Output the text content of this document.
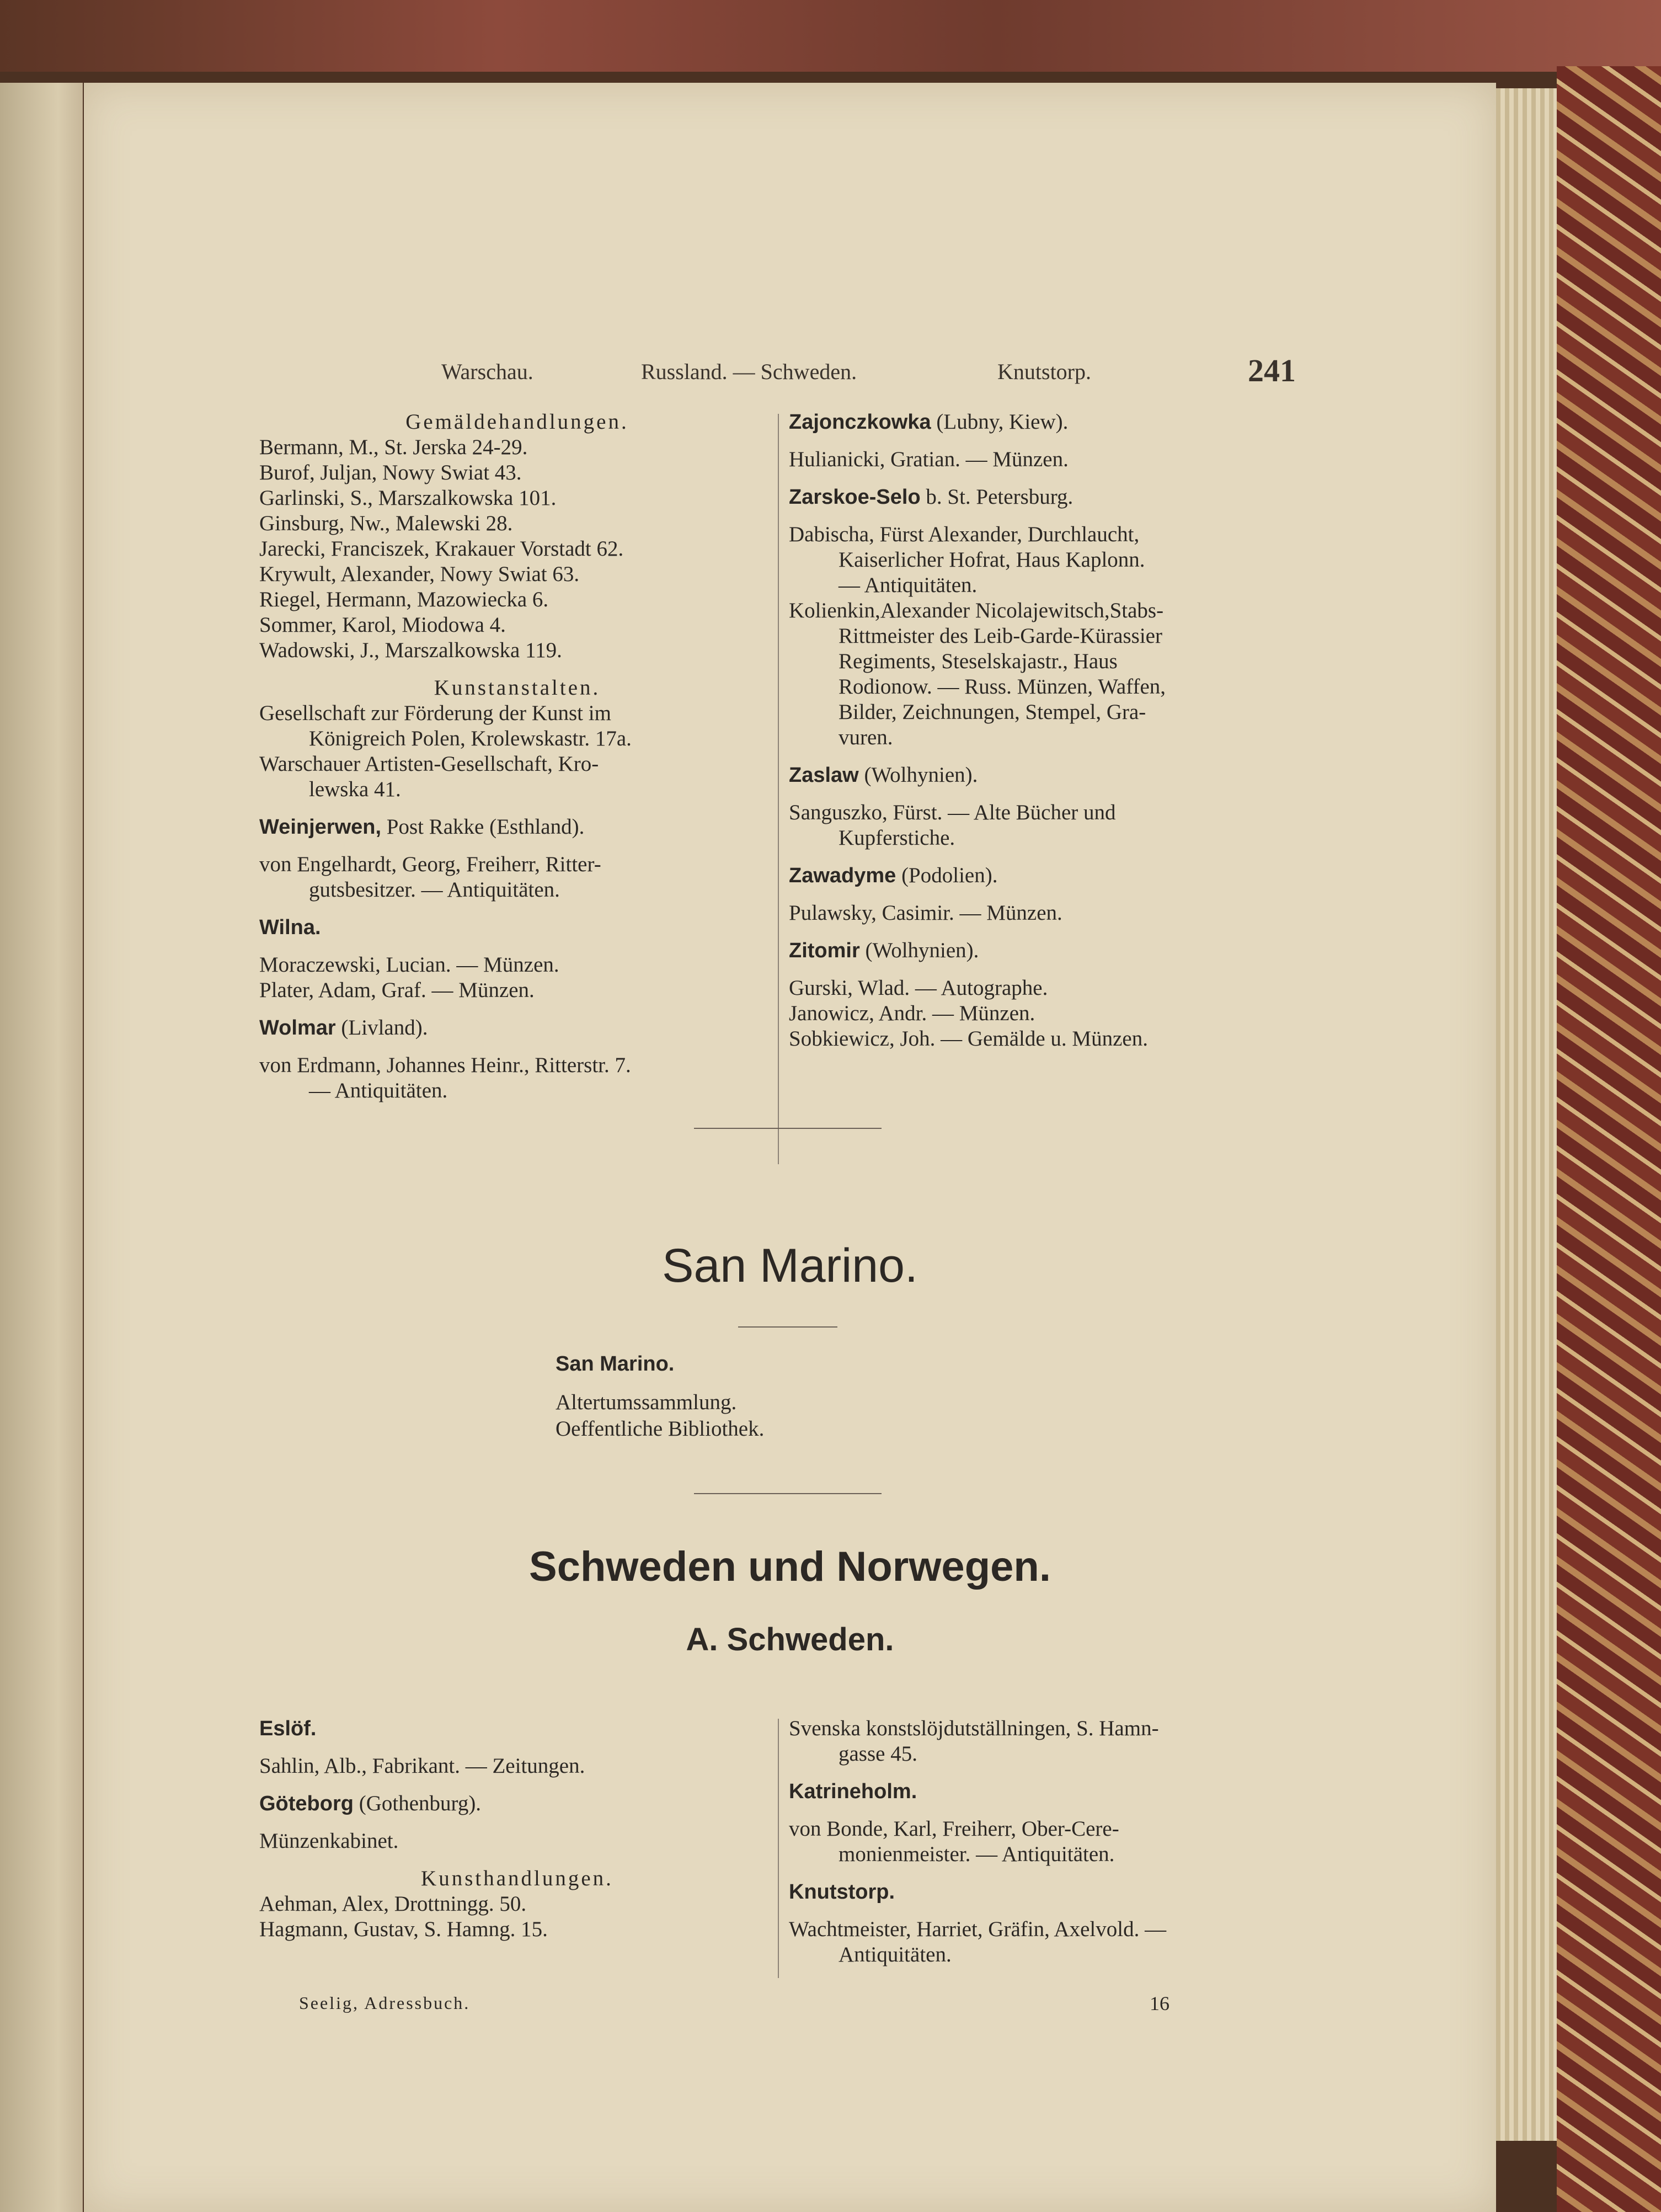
Warschau.	Russland. — Schweden.	Knutstorp.	241

Gemäldehandlungen.

Bermann, M., St. Jerska 24-29.

Burof, Juljan, Nowy Swiat 43.

Garlinski, S., Marszalkowska 101.

Ginsburg, Nw., Malewski 28.

Jarecki, Franciszek, Krakauer Vorstadt 62.

Krywult, Alexander, Nowy Swiat 63.

Riegel, Hermann, Mazowiecka 6.

Sommer, Karol, Miodowa 4.

Wadowski, J., Marszalkowska 119.

Kunstanstalten.

Gesellschaft zur Förderung der Kunst im

Königreich Polen, Krolewskastr. 17a.

Warschauer Artisten-Gesellschaft, Kro-

lewska 41.

Weinjerwen, Post Rakke (Esthland).

von Engelhardt, Georg, Freiherr, Ritter-

gutsbesitzer. — Antiquitäten.

Wilna.

Moraczewski, Lucian. — Münzen.

Plater, Adam, Graf. — Münzen.

Wolmar (Livland).

von Erdmann, Johannes Heinr., Ritterstr. 7.

— Antiquitäten.

Zajonczkowka (Lubny, Kiew).

Hulianicki, Gratian. — Münzen.

Zarskoe-Selo b. St. Petersburg.

Dabischa, Fürst Alexander, Durchlaucht,

Kaiserlicher Hofrat, Haus Kaplonn.

— Antiquitäten.

Kolienkin,Alexander Nicolajewitsch,Stabs-

Rittmeister des Leib-Garde-Kürassier

Regiments, Steselskajastr., Haus

Rodionow. — Russ. Münzen, Waffen,

Bilder, Zeichnungen, Stempel, Gra-

vuren.

Zaslaw (Wolhynien).

Sanguszko, Fürst. — Alte Bücher und

Kupferstiche.

Zawadyme (Podolien).

Pulawsky, Casimir. — Münzen.

Zitomir (Wolhynien).

Gurski, Wlad. — Autographe.

Janowicz, Andr. — Münzen.

Sobkiewicz, Joh. — Gemälde u. Münzen.

San Marino.

San Marino.

Altertumssammlung.

Oeffentliche Bibliothek.

Schweden und Norwegen.
A. Schweden.

Eslöf.

Sahlin, Alb., Fabrikant. — Zeitungen.

Göteborg (Gothenburg).

Münzenkabinet.

Kunsthandlungen.

Aehman, Alex, Drottningg. 50.

Hagmann, Gustav, S. Hamng. 15.

Svenska konstslöjdutställningen, S. Hamn-

gasse 45.

Katrineholm.

von Bonde, Karl, Freiherr, Ober-Cere-

monienmeister. — Antiquitäten.

Knutstorp.

Wachtmeister, Harriet, Gräfin, Axelvold. —

Antiquitäten.

Seelig, Adressbuch.	16
